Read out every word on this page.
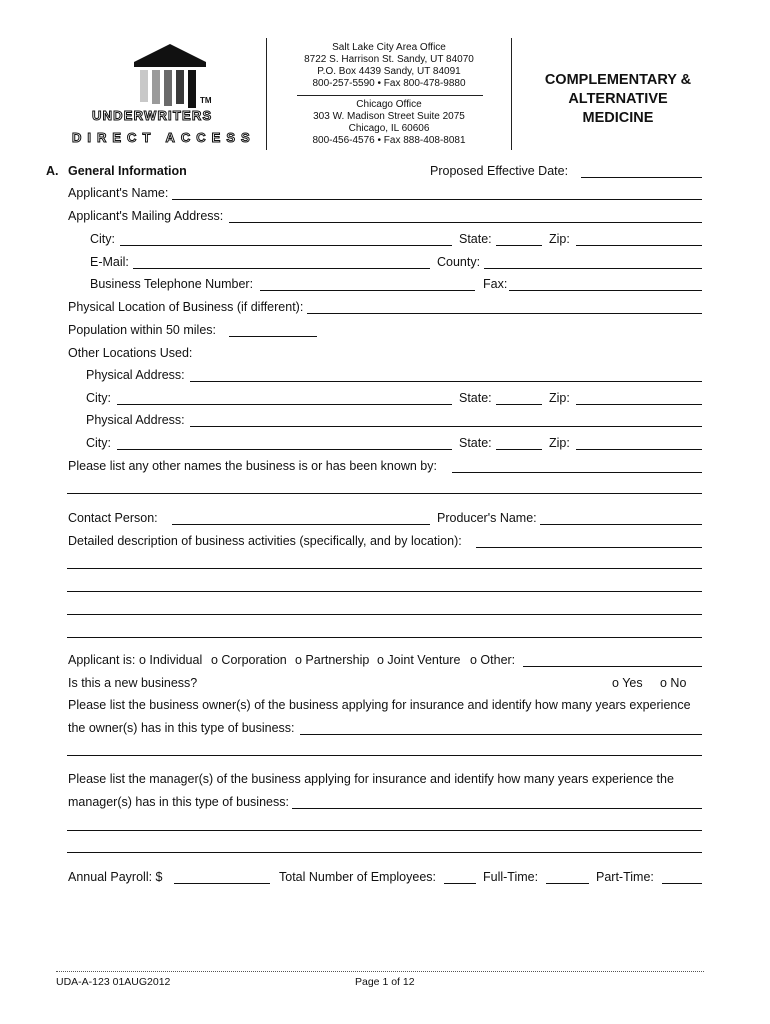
TM
UNDERWRITERS
DIRECT ACCESS
Salt Lake City Area Office
8722 S. Harrison St. Sandy, UT 84070
P.O. Box 4439 Sandy, UT 84091
800-257-5590 • Fax 800-478-9880
Chicago Office
303 W. Madison Street Suite 2075
Chicago, IL 60606
800-456-4576 • Fax 888-408-8081
COMPLEMENTARY &
ALTERNATIVE
MEDICINE
A. General Information	Proposed Effective Date:
Applicant's Name:
Applicant's Mailing Address:
City:	State:	Zip:
E-Mail:	County:
Business Telephone Number:	Fax:
Physical Location of Business (if different):
Population within 50 miles:
Other Locations Used:
Physical Address:
City:	State:	Zip:
Physical Address:
City:	State:	Zip:
Please list any other names the business is or has been known by:
Contact Person:	Producer's Name:
Detailed description of business activities (specifically, and by location):
Applicant is: o Individual o Corporation o Partnership o Joint Venture o Other:
Is this a new business?	o Yes o No
Please list the business owner(s) of the business applying for insurance and identify how many years experience
the owner(s) has in this type of business:
Please list the manager(s) of the business applying for insurance and identify how many years experience the
manager(s) has in this type of business:
Annual Payroll: $	Total Number of Employees:	Full-Time:	Part-Time:
UDA-A-123 01AUG2012	Page 1 of 12
